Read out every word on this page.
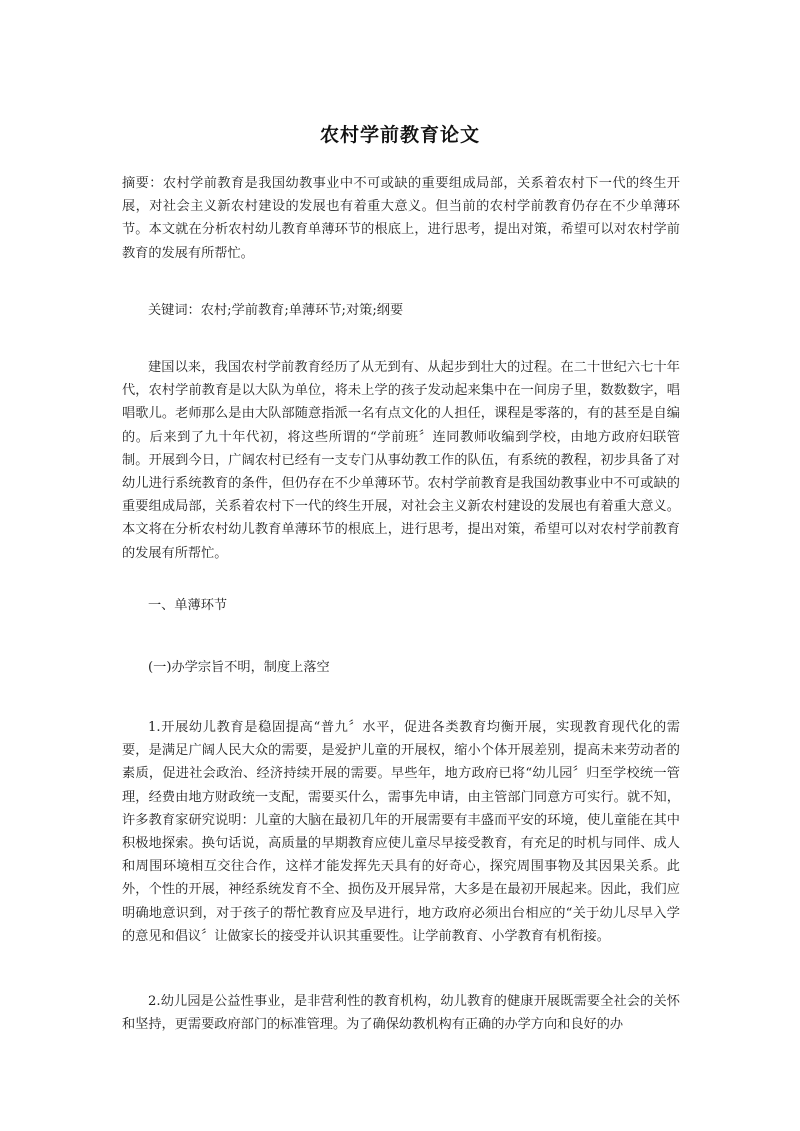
农村学前教育论文

摘要：农村学前教育是我国幼教事业中不可或缺的重要组成局部，关系着农村下一代的终生开展，对社会主义新农村建设的发展也有着重大意义。但当前的农村学前教育仍存在不少单薄环节。本文就在分析农村幼儿教育单薄环节的根底上，进行思考，提出对策，希望可以对农村学前教育的发展有所帮忙。

关键词：农村;学前教育;单薄环节;对策;纲要

建国以来，我国农村学前教育经历了从无到有、从起步到壮大的过程。在二十世纪六七十年代，农村学前教育是以大队为单位，将未上学的孩子发动起来集中在一间房子里，数数数字，唱唱歌儿。老师那么是由大队部随意指派一名有点文化的人担任，课程是零落的，有的甚至是自编的。后来到了九十年代初，将这些所谓的“学前班〞连同教师收编到学校，由地方政府妇联管制。开展到今日，广阔农村已经有一支专门从事幼教工作的队伍，有系统的教程，初步具备了对幼儿进行系统教育的条件，但仍存在不少单薄环节。农村学前教育是我国幼教事业中不可或缺的重要组成局部，关系着农村下一代的终生开展，对社会主义新农村建设的发展也有着重大意义。本文将在分析农村幼儿教育单薄环节的根底上，进行思考，提出对策，希望可以对农村学前教育的发展有所帮忙。

一、单薄环节

(一)办学宗旨不明，制度上落空

1.开展幼儿教育是稳固提高“普九〞水平，促进各类教育均衡开展，实现教育现代化的需要，是满足广阔人民大众的需要，是爱护儿童的开展权，缩小个体开展差别，提高未来劳动者的素质，促进社会政治、经济持续开展的需要。早些年，地方政府已将“幼儿园〞归至学校统一管理，经费由地方财政统一支配，需要买什么，需事先申请，由主管部门同意方可实行。就不知，许多教育家研究说明：儿童的大脑在最初几年的开展需要有丰盛而平安的环境，使儿童能在其中积极地探索。换句话说，高质量的早期教育应使儿童尽早接受教育，有充足的时机与同伴、成人和周围环境相互交往合作，这样才能发挥先天具有的好奇心，探究周围事物及其因果关系。此外，个性的开展，神经系统发育不全、损伤及开展异常，大多是在最初开展起来。因此，我们应明确地意识到，对于孩子的帮忙教育应及早进行，地方政府必须出台相应的“关于幼儿尽早入学的意见和倡议〞让做家长的接受并认识其重要性。让学前教育、小学教育有机衔接。

2.幼儿园是公益性事业，是非营利性的教育机构，幼儿教育的健康开展既需要全社会的关怀和坚持，更需要政府部门的标准管理。为了确保幼教机构有正确的办学方向和良好的办
